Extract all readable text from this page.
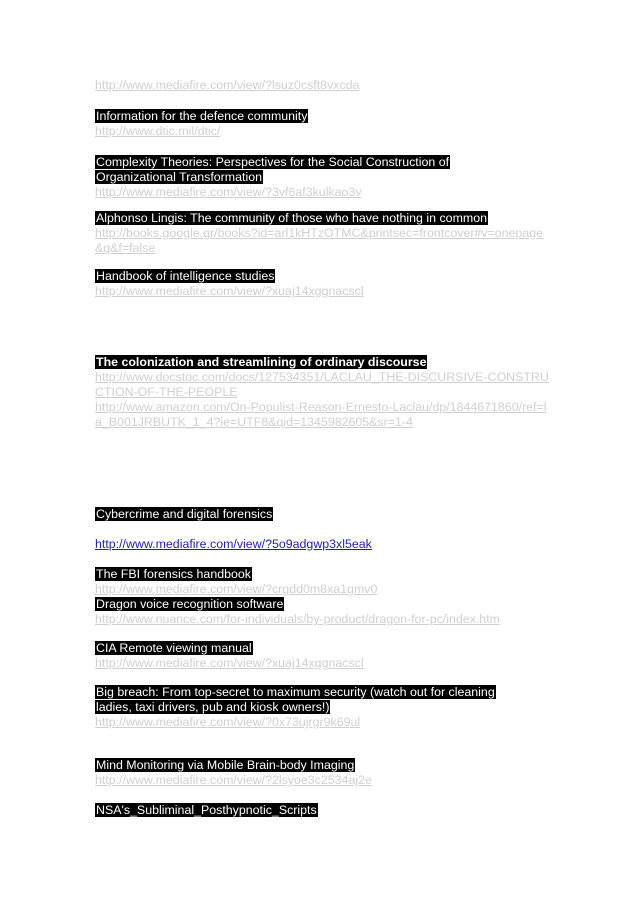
http://www.mediafire.com/view/?lsuz0csft8vxcda
Information for the defence community
http://www.dtic.mil/dtic/
Complexity Theories: Perspectives for the Social Construction of Organizational Transformation
http://www.mediafire.com/view/?3vf6af3kulkao3v
Alphonso Lingis: The community of those who have nothing in common
http://books.google.gr/books?id=arl1kHTzOTMC&printsec=frontcover#v=onepage&q&f=false
Handbook of intelligence studies
http://www.mediafire.com/view/?xuaj14xggnacscl
The colonization and streamlining of ordinary discourse
http://www.docstoc.com/docs/127534351/LACLAU_THE-DISCURSIVE-CONSTRUCTION-OF-THE-PEOPLE
http://www.amazon.com/On-Populist-Reason-Ernesto-Laclau/dp/1844671860/ref=la_B001JRBUTK_1_4?ie=UTF8&qid=1345982605&sr=1-4
Cybercrime and digital forensics
http://www.mediafire.com/view/?5o9adgwp3xl5eak
The FBI forensics handbook
http://www.mediafire.com/view/?crgdd0m8xa1gmv0
Dragon voice recognition software
http://www.nuance.com/for-individuals/by-product/dragon-for-pc/index.htm
CIA Remote viewing manual
http://www.mediafire.com/view/?xuaj14xggnacscl
Big breach: From top-secret to maximum security (watch out for cleaning ladies, taxi drivers, pub and kiosk owners!)
http://www.mediafire.com/view/?0x73ujrgr9k69ul
Mind Monitoring via Mobile Brain-body Imaging
http://www.mediafire.com/view/?2lsyoe3c2534aj2e
NSA's_Subliminal_Posthypnotic_Scripts
